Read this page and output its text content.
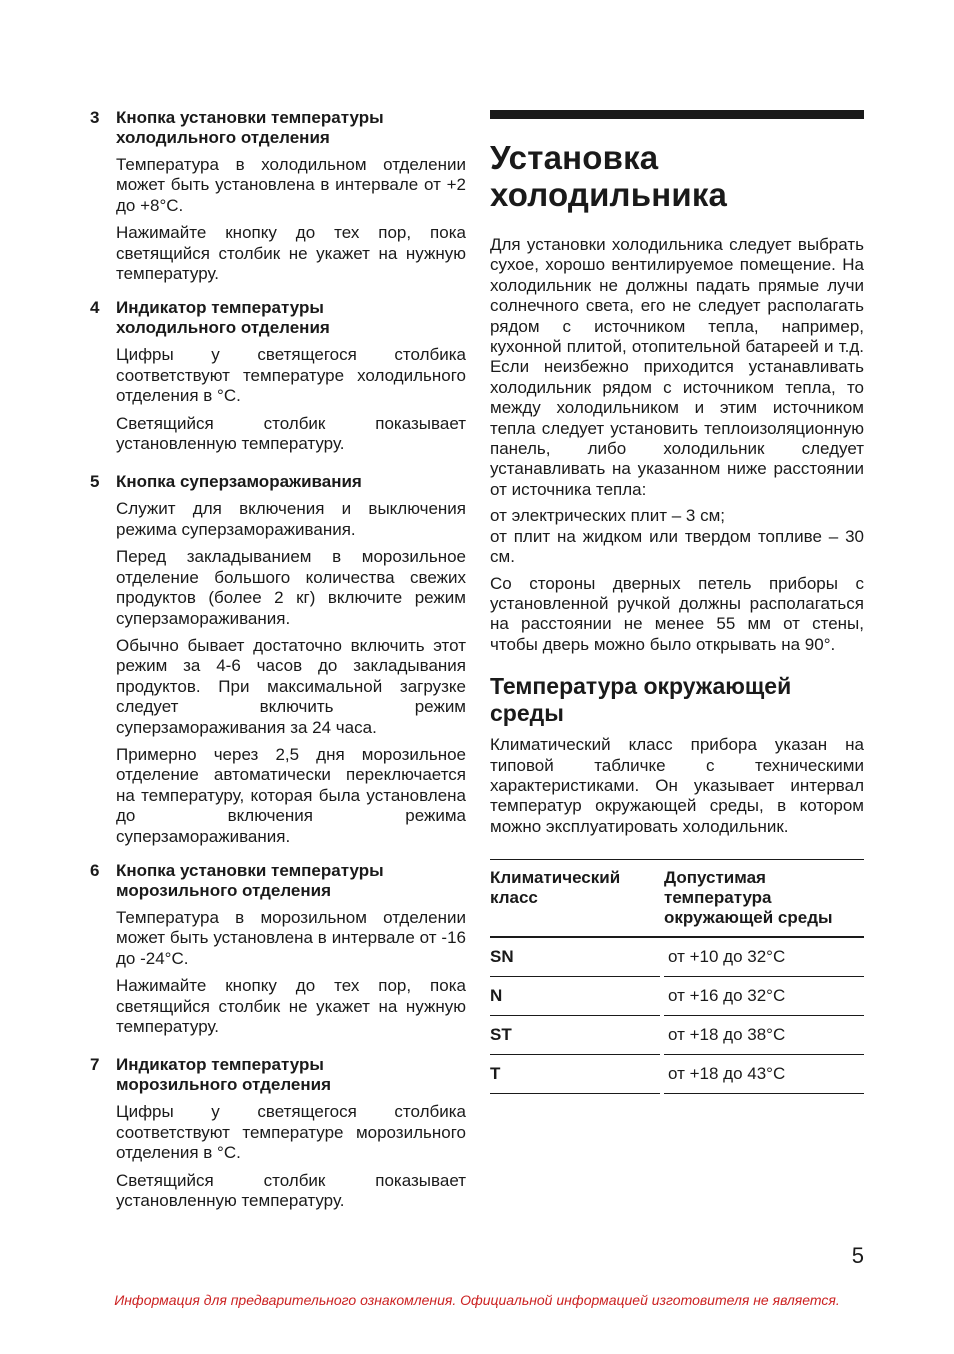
3 Кнопка установки температуры
холодильного отделения

Температура в холодильном отделении может быть установлена в интервале от +2 до +8°С.

Нажимайте кнопку до тех пор, пока светящийся столбик не укажет на нужную температуру.

4 Индикатор температуры
холодильного отделения

Цифры у светящегося столбика соответствуют температуре холодильного отделения в °С.

Светящийся столбик показывает установленную температуру.

5 Кнопка суперзамораживания

Служит для включения и выключения режима суперзамораживания.

Перед закладыванием в морозильное отделение большого количества свежих продуктов (более 2 кг) включите режим суперзамораживания.

Обычно бывает достаточно включить этот режим за 4-6 часов до закладывания продуктов. При максимальной загрузке следует включить режим суперзамораживания за 24 часа.

Примерно через 2,5 дня морозильное отделение автоматически переключается на температуру, которая была установлена до включения режима суперзамораживания.

6 Кнопка установки температуры
морозильного отделения

Температура в морозильном отделении может быть установлена в интервале от -16 до -24°С.

Нажимайте кнопку до тех пор, пока светящийся столбик не укажет на нужную температуру.

7 Индикатор температуры
морозильного отделения

Цифры у светящегося столбика соответствуют температуре морозильного отделения в °С.

Светящийся столбик показывает установленную температуру.

Установка
холодильника

Для установки холодильника следует выбрать сухое, хорошо вентилируемое помещение. На холодильник не должны падать прямые лучи солнечного света, его не следует располагать рядом с источником тепла, например, кухонной плитой, отопительной батареей и т.д. Если неизбежно приходится устанавливать холодильник рядом с источником тепла, то между холодильником и этим источником тепла следует установить теплоизоляционную панель, либо холодильник следует устанавливать на указанном ниже расстоянии от источника тепла:

от электрических плит – 3 см;

от плит на жидком или твердом топливе – 30 см.

Со стороны дверных петель приборы с установленной ручкой должны располагаться на расстоянии не менее 55 мм от стены, чтобы дверь можно было открывать на 90°.

Температура окружающей
среды

Климатический класс прибора указан на типовой табличке с техническими характеристиками. Он указывает интервал температур окружающей среды, в котором можно эксплуатировать холодильник.

Климатический
класс		Допустимая
температура
окружающей среды

SN		от +10 до 32°С

N		от +16 до 32°С

ST		от +18 до 38°С

T		от +18 до 43°С
5
Информация для предварительного ознакомления. Официальной информацией изготовителя не является.
